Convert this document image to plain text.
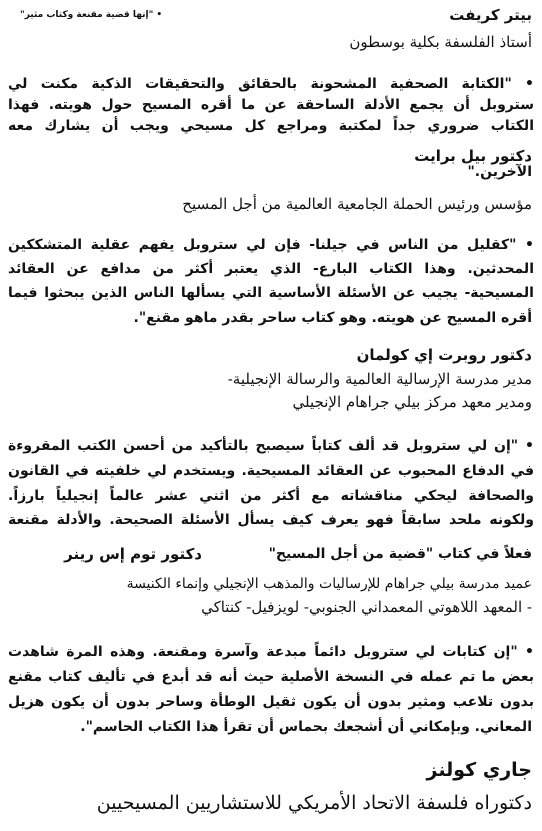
بيتر كريفت
• "إنها قضية مقنعة وكتاب مثير"
أستاذ الفلسفة بكلية بوسطون
• "الكتابة الصحفية المشحونة بالحقائق والتحقيقات الذكية مكنت لي
ستروبل أن يجمع الأدلة الساحقة عن ما أقره المسيح حول هويته. فهذا
الكتاب ضروري جداً لمكتبة ومراجع كل مسيحي ويجب أن يشارك معه
الآخرين."
دكتور بيل برايت
مؤسس ورئيس الحملة الجامعية العالمية من أجل المسيح
• "كقليل من الناس في جيلنا- فإن لي ستروبل يفهم عقلية المتشككين
المحدثين. وهذا الكتاب البارع- الذي يعتبر أكثر من مدافع عن العقائد
المسيحية- يجيب عن الأسئلة الأساسية التي يسألها الناس الذين يبحثوا فيما
أقره المسيح عن هويته. وهو كتاب ساحر بقدر ماهو مقنع".
دكتور روبرت إي كولمان
مدير مدرسة الإرسالية العالمية والرسالة الإنجيلية-
ومدير معهد مركز بيلي جراهام الإنجيلي
• "إن لي ستروبل قد ألف كتاباً سيصبح بالتأكيد من أحسن الكتب المقروءة
في الدفاع المحبوب عن العقائد المسيحية. ويستخدم لي خلفيته في القانون
والصحافة ليحكي مناقشاته مع أكثر من اثني عشر عالماً إنجيلياً بارزاً.
ولكونه ملحد سابقاً فهو يعرف كيف يسأل الأسئلة الصحيحة. والأدلة مقنعة
فعلاً في كتاب "قضية من أجل المسيح"
دكتور توم إس رينر
عميد مدرسة بيلي جراهام للإرساليات والمذهب الإنجيلي وإنماء الكنيسة
- المعهد اللاهوتي المعمداني الجنوبي- لويزفيل- كنتاكي
• "إن كتابات لي ستروبل دائماً مبدعة وآسرة ومقنعة. وهذه المرة شاهدت
بعض ما تم عمله في النسخة الأصلية حيث أنه قد أبدع في تأليف كتاب مقنع
بدون تلاعب ومثير بدون أن يكون ثقيل الوطأة وساحر بدون أن يكون هزيل
المعاني. وبإمكاني أن أشجعك بحماس أن تقرأ هذا الكتاب الحاسم".
جاري كولنز
دكتوراه فلسفة الاتحاد الأمريكي للاستشاريين المسيحيين
